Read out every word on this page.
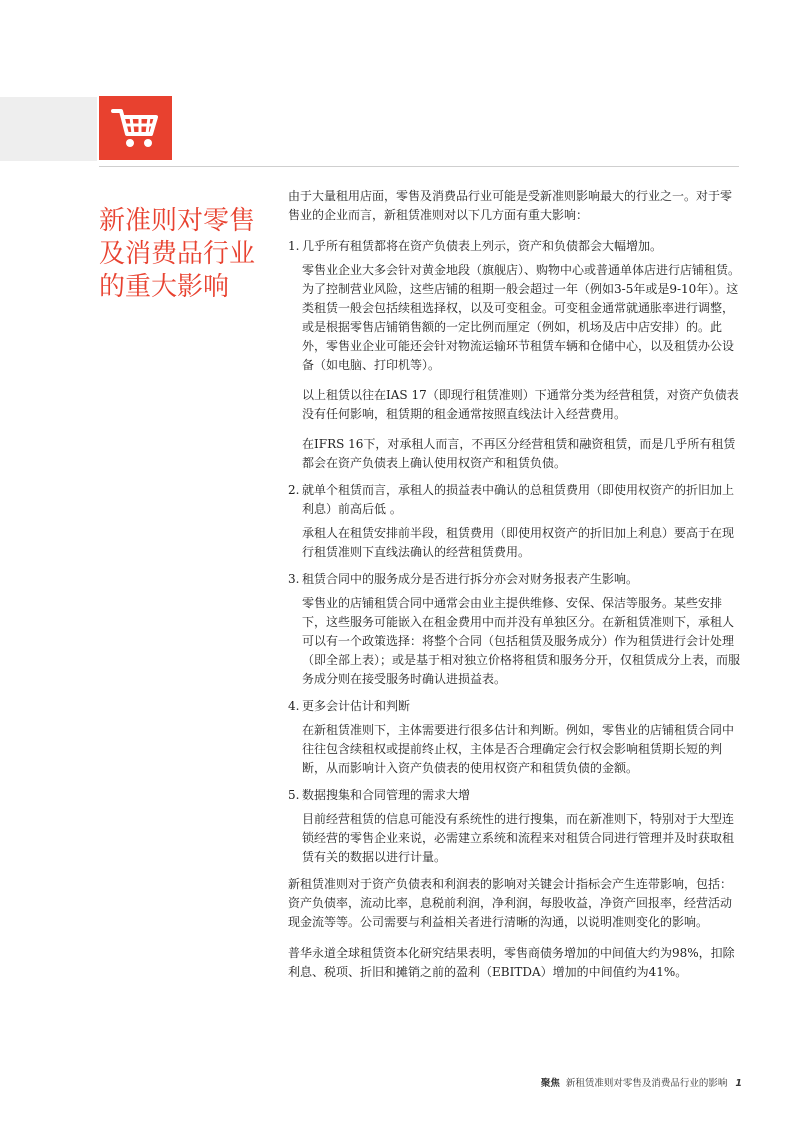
新准则对零售及消费品行业的重大影响

由于大量租用店面，零售及消费品行业可能是受新准则影响最大的行业之一。对于零售业的企业而言，新租赁准则对以下几方面有重大影响：

1. 几乎所有租赁都将在资产负债表上列示，资产和负债都会大幅增加。

零售业企业大多会针对黄金地段（旗舰店）、购物中心或普通单体店进行店铺租赁。为了控制营业风险，这些店铺的租期一般会超过一年（例如3-5年或是9-10年）。这类租赁一般会包括续租选择权，以及可变租金。可变租金通常就通胀率进行调整，或是根据零售店铺销售额的一定比例而厘定（例如，机场及店中店安排）的。此外，零售业企业可能还会针对物流运输环节租赁车辆和仓储中心，以及租赁办公设备（如电脑、打印机等）。

以上租赁以往在IAS 17（即现行租赁准则）下通常分类为经营租赁，对资产负债表没有任何影响，租赁期的租金通常按照直线法计入经营费用。

在IFRS 16下，对承租人而言，不再区分经营租赁和融资租赁，而是几乎所有租赁都会在资产负债表上确认使用权资产和租赁负债。

2. 就单个租赁而言，承租人的损益表中确认的总租赁费用（即使用权资产的折旧加上利息）前高后低 。

承租人在租赁安排前半段，租赁费用（即使用权资产的折旧加上利息）要高于在现行租赁准则下直线法确认的经营租赁费用。

3. 租赁合同中的服务成分是否进行拆分亦会对财务报表产生影响。

零售业的店铺租赁合同中通常会由业主提供维修、安保、保洁等服务。某些安排下，这些服务可能嵌入在租金费用中而并没有单独区分。在新租赁准则下，承租人可以有一个政策选择：将整个合同（包括租赁及服务成分）作为租赁进行会计处理（即全部上表）；或是基于相对独立价格将租赁和服务分开，仅租赁成分上表，而服务成分则在接受服务时确认进损益表。

4. 更多会计估计和判断

在新租赁准则下，主体需要进行很多估计和判断。例如，零售业的店铺租赁合同中往往包含续租权或提前终止权，主体是否合理确定会行权会影响租赁期长短的判断，从而影响计入资产负债表的使用权资产和租赁负债的金额。

5. 数据搜集和合同管理的需求大增

目前经营租赁的信息可能没有系统性的进行搜集，而在新准则下，特别对于大型连锁经营的零售企业来说，必需建立系统和流程来对租赁合同进行管理并及时获取租赁有关的数据以进行计量。

新租赁准则对于资产负债表和利润表的影响对关键会计指标会产生连带影响，包括：资产负债率，流动比率，息税前利润，净利润，每股收益，净资产回报率，经营活动现金流等等。公司需要与利益相关者进行清晰的沟通，以说明准则变化的影响。

普华永道全球租赁资本化研究结果表明，零售商债务增加的中间值大约为98%，扣除利息、税项、折旧和摊销之前的盈利（EBITDA）增加的中间值约为41%。

聚焦 新租赁准则对零售及消费品行业的影响 1
